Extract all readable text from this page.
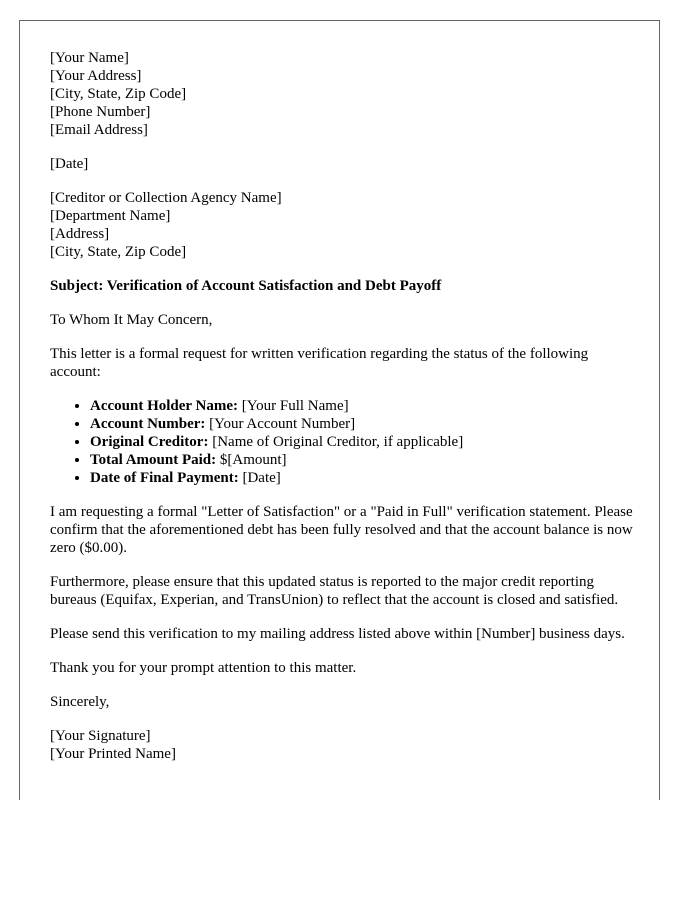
[Your Name]

[Your Address]

[City, State, Zip Code]

[Phone Number]

[Email Address]

[Date]

[Creditor or Collection Agency Name]

[Department Name]

[Address]

[City, State, Zip Code]

Subject: Verification of Account Satisfaction and Debt Payoff

To Whom It May Concern,

This letter is a formal request for written verification regarding the status of the following account:

• Account Holder Name: [Your Full Name]
• Account Number: [Your Account Number]
• Original Creditor: [Name of Original Creditor, if applicable]
• Total Amount Paid: $[Amount]
• Date of Final Payment: [Date]

I am requesting a formal "Letter of Satisfaction" or a "Paid in Full" verification statement. Please confirm that the aforementioned debt has been fully resolved and that the account balance is now zero ($0.00).

Furthermore, please ensure that this updated status is reported to the major credit reporting bureaus (Equifax, Experian, and TransUnion) to reflect that the account is closed and satisfied.

Please send this verification to my mailing address listed above within [Number] business days.

Thank you for your prompt attention to this matter.

Sincerely,

[Your Signature]

[Your Printed Name]
